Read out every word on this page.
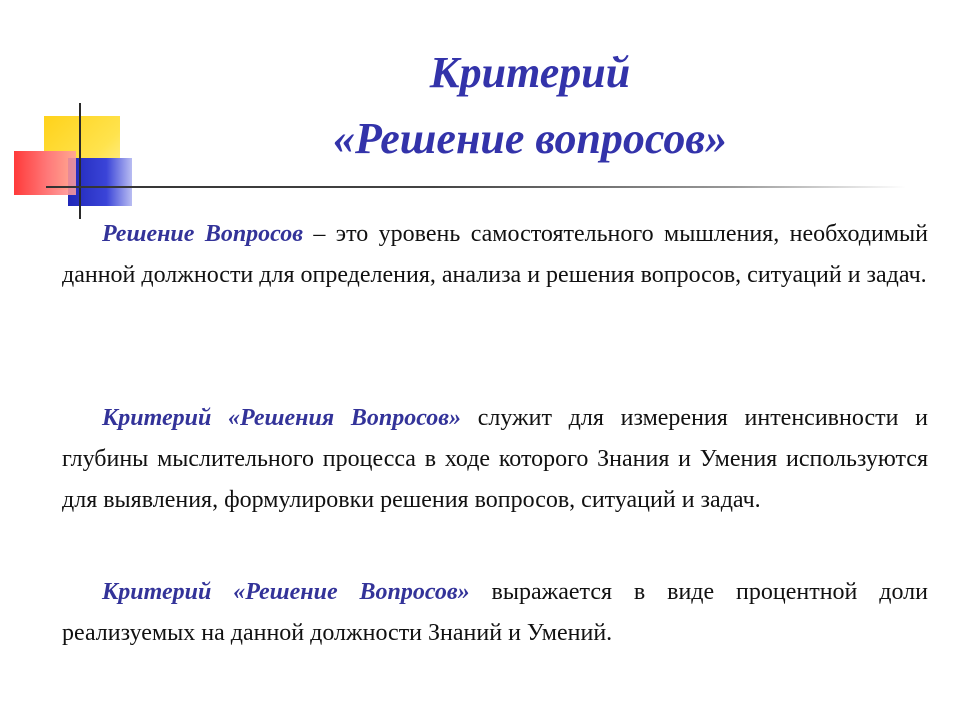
Критерий
«Решение вопросов»
Решение Вопросов – это уровень самостоятельного мышления, необходимый данной должности для определения, анализа и решения вопросов, ситуаций и задач.
Критерий «Решения Вопросов» служит для измерения интенсивности и глубины мыслительного процесса в ходе которого Знания и Умения используются для выявления, формулировки решения вопросов, ситуаций и задач.
Критерий «Решение Вопросов» выражается в виде процентной доли реализуемых на данной должности Знаний и Умений.
